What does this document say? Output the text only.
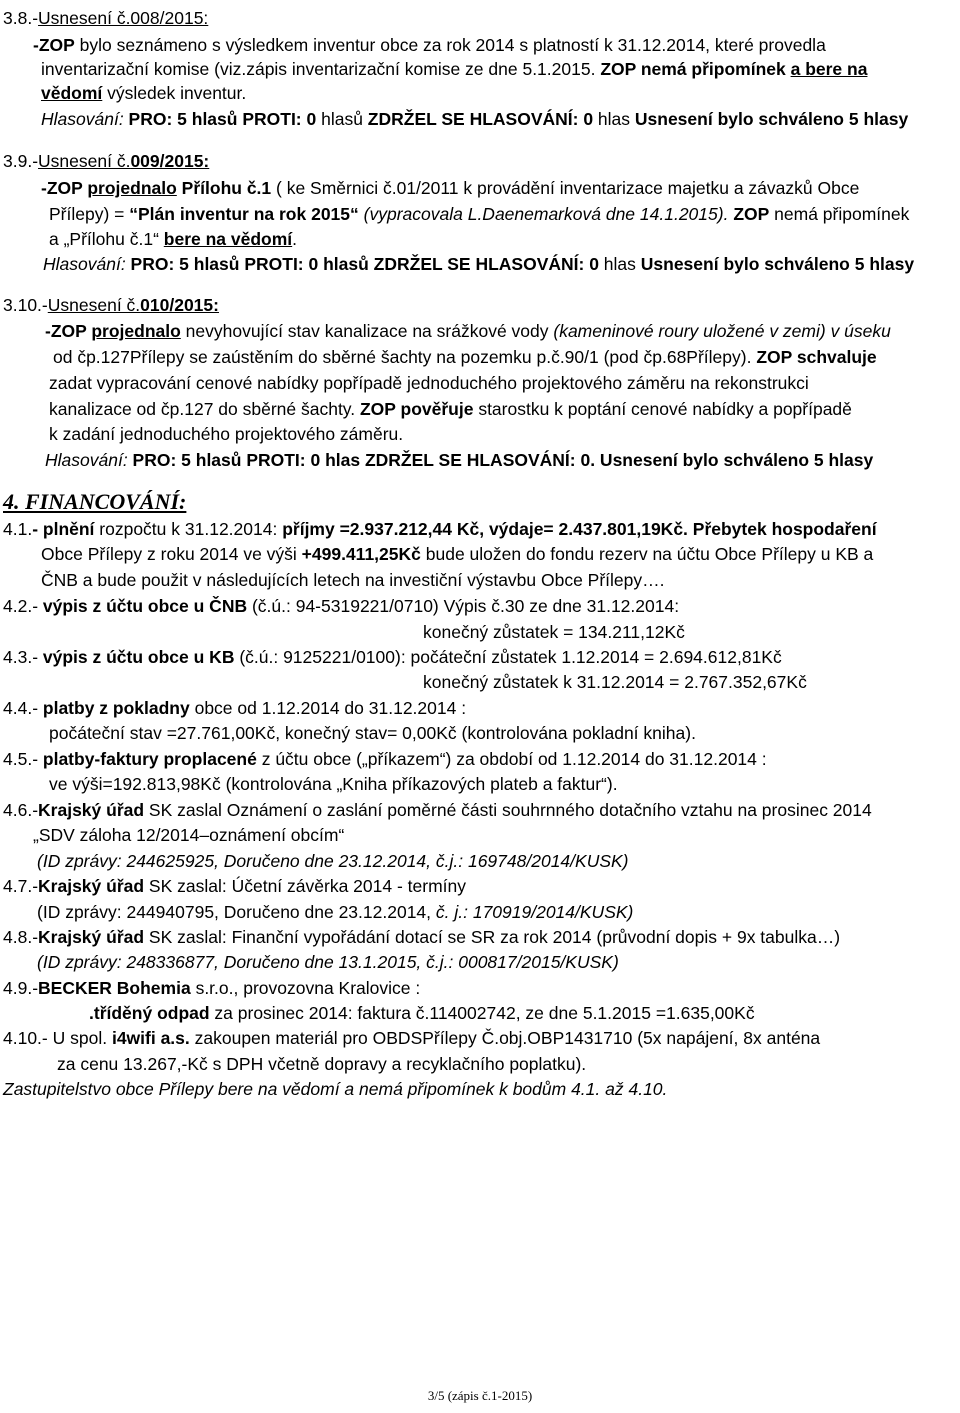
3.8.-Usnesení č.008/2015:
-ZOP bylo seznámeno s výsledkem inventur obce za rok 2014 s platností k 31.12.2014, které provedla
inventarizační komise (viz.zápis inventarizační komise ze dne 5.1.2015. ZOP nemá připomínek a bere na
vědomí výsledek inventur.
Hlasování: PRO: 5 hlasů PROTI: 0 hlasů ZDRŽEL SE HLASOVÁNÍ: 0 hlas Usnesení bylo schváleno 5 hlasy
3.9.-Usnesení č.009/2015:
-ZOP projednalo Přílohu č.1 ( ke Směrnici č.01/2011 k provádění inventarizace majetku a závazků Obce
Přílepy) = “Plán inventur na rok 2015“ (vypracovala L.Daenemarková dne 14.1.2015). ZOP nemá připomínek
a „Přílohu č.1“ bere na vědomí.
Hlasování: PRO: 5 hlasů PROTI: 0 hlasů ZDRŽEL SE HLASOVÁNÍ: 0 hlas Usnesení bylo schváleno 5 hlasy
3.10.-Usnesení č.010/2015:
-ZOP projednalo nevyhovující stav kanalizace na srážkové vody (kameninové roury uložené v zemi) v úseku
od čp.127Přílepy se zaústěním do sběrné šachty na pozemku p.č.90/1 (pod čp.68Přílepy). ZOP schvaluje
zadat vypracování cenové nabídky popřípadě jednoduchého projektového záměru na rekonstrukci
kanalizace od čp.127 do sběrné šachty. ZOP pověřuje starostku k poptání cenové nabídky a popřípadě
k zadání jednoduchého projektového záměru.
Hlasování: PRO: 5 hlasů PROTI: 0 hlas ZDRŽEL SE HLASOVÁNÍ: 0. Usnesení bylo schváleno 5 hlasy
4. FINANCOVÁNÍ:
4.1.- plnění rozpočtu k 31.12.2014: příjmy =2.937.212,44 Kč, výdaje= 2.437.801,19Kč. Přebytek hospodaření
Obce Přílepy z roku 2014 ve výši +499.411,25Kč bude uložen do fondu rezerv na účtu Obce Přílepy u KB a
ČNB a bude použit v následujících letech na investiční výstavbu Obce Přílepy….
4.2.- výpis z účtu obce u ČNB (č.ú.: 94-5319221/0710) Výpis č.30 ze dne 31.12.2014:
konečný zůstatek = 134.211,12Kč
4.3.- výpis z účtu obce u KB (č.ú.: 9125221/0100): počáteční zůstatek 1.12.2014 = 2.694.612,81Kč
konečný zůstatek k 31.12.2014 = 2.767.352,67Kč
4.4.- platby z pokladny obce od 1.12.2014 do 31.12.2014 :
počáteční stav =27.761,00Kč, konečný stav= 0,00Kč (kontrolována pokladní kniha).
4.5.- platby-faktury proplacené z účtu obce („příkazem“) za období od 1.12.2014 do 31.12.2014 :
ve výši=192.813,98Kč (kontrolována „Kniha příkazových plateb a faktur“).
4.6.-Krajský úřad SK zaslal Oznámení o zaslání poměrné části souhrnného dotačního vztahu na prosinec 2014
„SDV záloha 12/2014–oznámení obcím“
(ID zprávy: 244625925, Doručeno dne 23.12.2014, č.j.: 169748/2014/KUSK)
4.7.-Krajský úřad SK zaslal: Účetní závěrka 2014 - termíny
(ID zprávy: 244940795, Doručeno dne 23.12.2014, č. j.: 170919/2014/KUSK)
4.8.-Krajský úřad SK zaslal: Finanční vypořádání dotací se SR za rok 2014 (průvodní dopis + 9x tabulka…)
(ID zprávy: 248336877, Doručeno dne 13.1.2015, č.j.: 000817/2015/KUSK)
4.9.-BECKER Bohemia s.r.o., provozovna Kralovice :
.tříděný odpad za prosinec 2014: faktura č.114002742, ze dne 5.1.2015 =1.635,00Kč
4.10.- U spol. i4wifi a.s. zakoupen materiál pro OBDSPřílepy Č.obj.OBP1431710 (5x napájení, 8x anténa
za cenu 13.267,-Kč s DPH včetně dopravy a recyklačního poplatku).
Zastupitelstvo obce Přílepy bere na vědomí a nemá připomínek k bodům 4.1. až 4.10.
3/5 (zápis č.1-2015)
